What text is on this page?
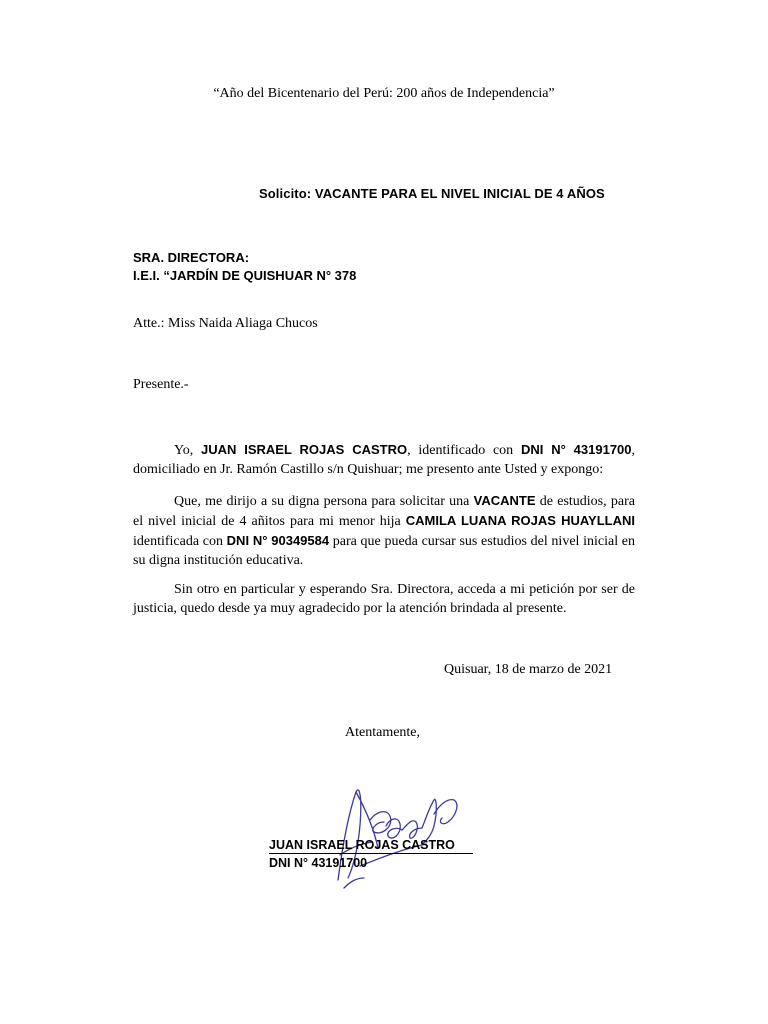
“Año del Bicentenario del Perú: 200 años de Independencia”
Solicito: VACANTE PARA EL NIVEL INICIAL DE 4 AÑOS
SRA. DIRECTORA:
I.E.I. “JARDÍN DE QUISHUAR N° 378
Atte.: Miss Naida Aliaga Chucos
Presente.-
Yo, JUAN ISRAEL ROJAS CASTRO, identificado con DNI N° 43191700, domiciliado en Jr. Ramón Castillo s/n Quishuar; me presento ante Usted y expongo:
Que, me dirijo a su digna persona para solicitar una VACANTE de estudios, para el nivel inicial de 4 añitos para mi menor hija CAMILA LUANA ROJAS HUAYLLANI identificada con DNI N° 90349584 para que pueda cursar sus estudios del nivel inicial en su digna institución educativa.
Sin otro en particular y esperando Sra. Directora, acceda a mi petición por ser de justicia, quedo desde ya muy agradecido por la atención brindada al presente.
Quisuar, 18 de marzo de 2021
Atentamente,
JUAN ISRAEL ROJAS CASTRO
DNI N° 43191700
